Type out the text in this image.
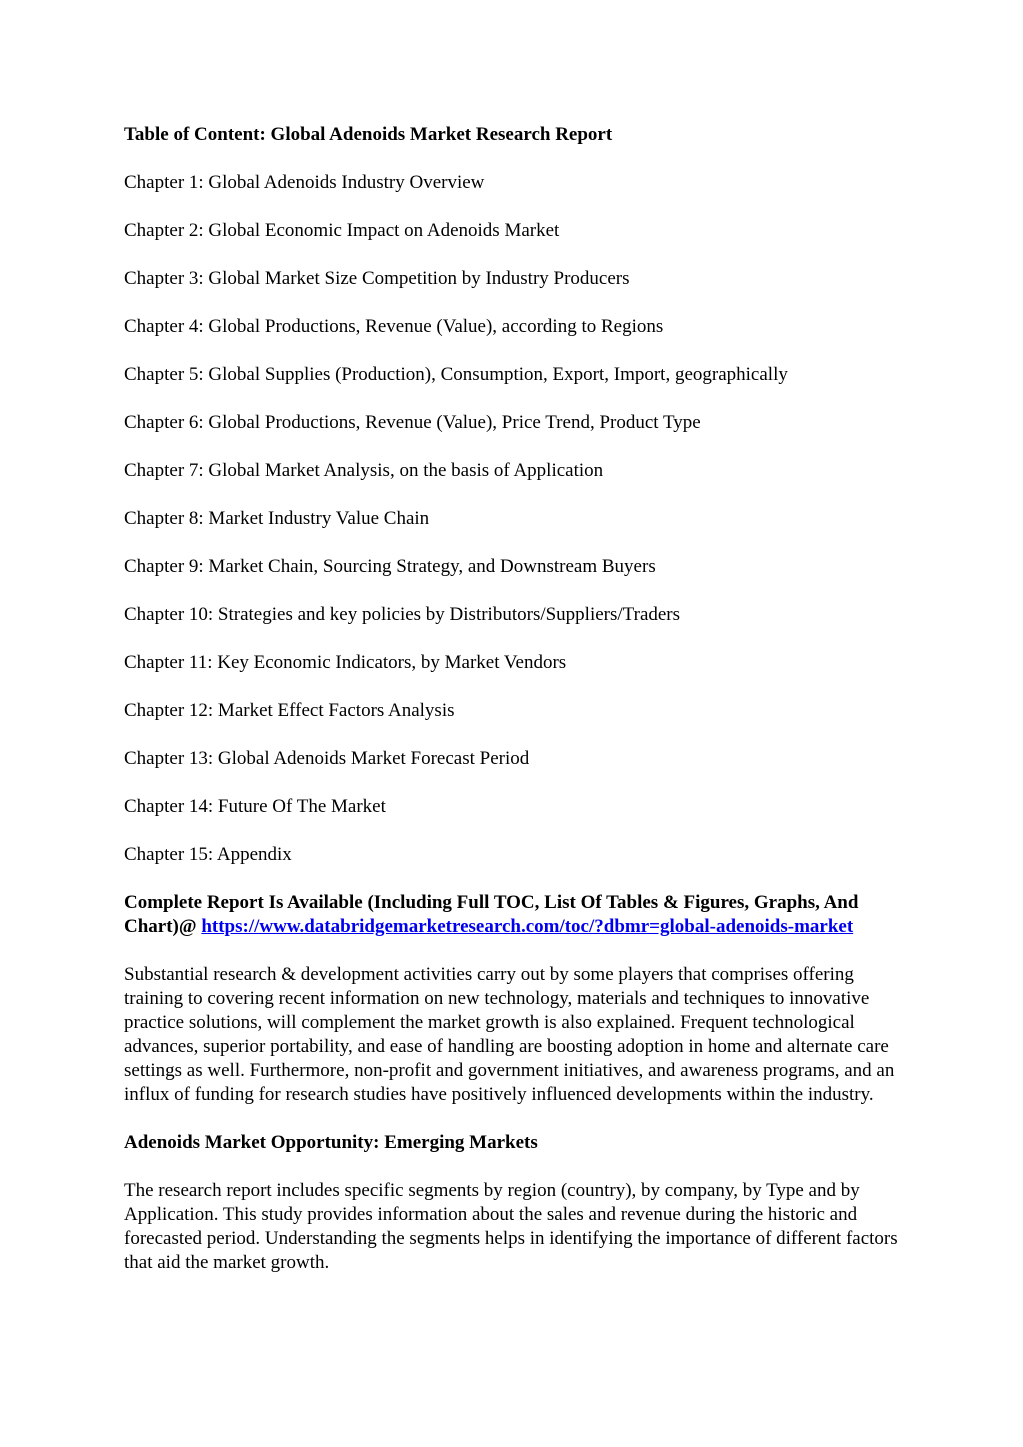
Table of Content: Global Adenoids Market Research Report

Chapter 1: Global Adenoids Industry Overview

Chapter 2: Global Economic Impact on Adenoids Market

Chapter 3: Global Market Size Competition by Industry Producers

Chapter 4: Global Productions, Revenue (Value), according to Regions

Chapter 5: Global Supplies (Production), Consumption, Export, Import, geographically

Chapter 6: Global Productions, Revenue (Value), Price Trend, Product Type

Chapter 7: Global Market Analysis, on the basis of Application

Chapter 8: Market Industry Value Chain

Chapter 9: Market Chain, Sourcing Strategy, and Downstream Buyers

Chapter 10: Strategies and key policies by Distributors/Suppliers/Traders

Chapter 11: Key Economic Indicators, by Market Vendors

Chapter 12: Market Effect Factors Analysis

Chapter 13: Global Adenoids Market Forecast Period

Chapter 14: Future Of The Market

Chapter 15: Appendix

Complete Report Is Available (Including Full TOC, List Of Tables & Figures, Graphs, And Chart)@ https://www.databridgemarketresearch.com/toc/?dbmr=global-adenoids-market

Substantial research & development activities carry out by some players that comprises offering training to covering recent information on new technology, materials and techniques to innovative practice solutions, will complement the market growth is also explained. Frequent technological advances, superior portability, and ease of handling are boosting adoption in home and alternate care settings as well. Furthermore, non-profit and government initiatives, and awareness programs, and an influx of funding for research studies have positively influenced developments within the industry.

Adenoids Market Opportunity: Emerging Markets

The research report includes specific segments by region (country), by company, by Type and by Application. This study provides information about the sales and revenue during the historic and forecasted period. Understanding the segments helps in identifying the importance of different factors that aid the market growth.
